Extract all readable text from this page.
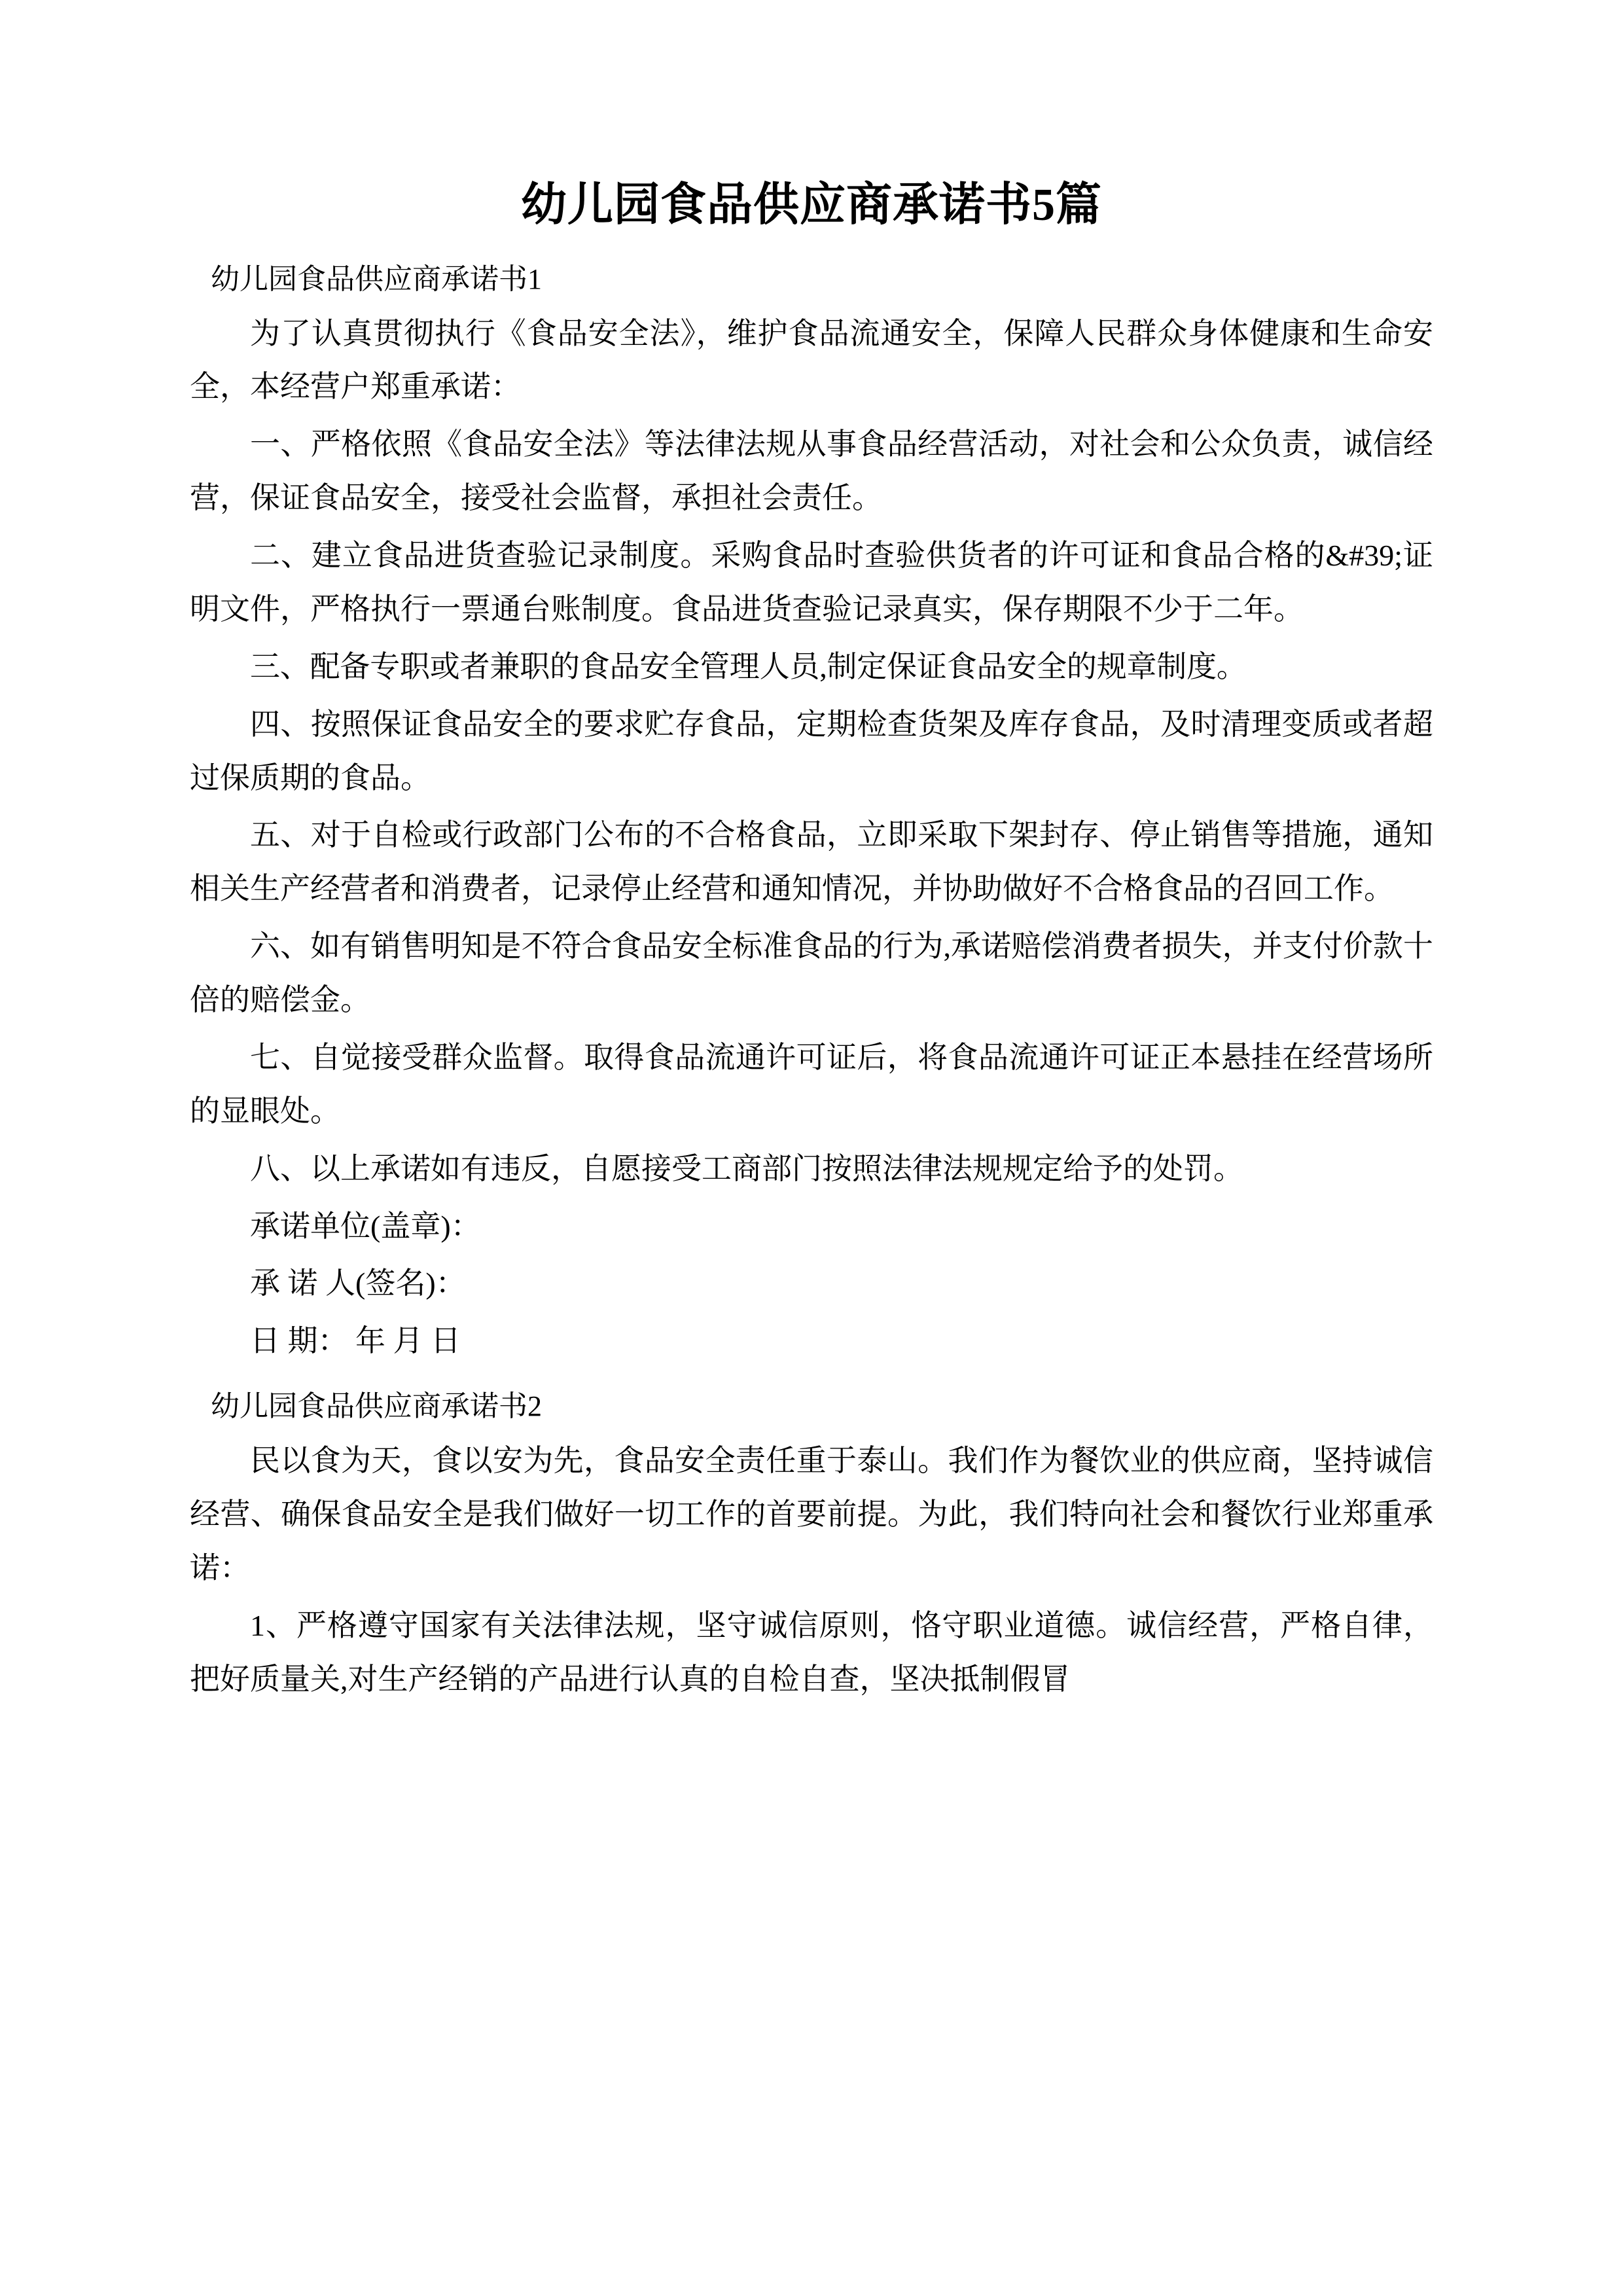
幼儿园食品供应商承诺书5篇
幼儿园食品供应商承诺书1

为了认真贯彻执行《食品安全法》，维护食品流通安全，保障人民群众身体健康和生命安全，本经营户郑重承诺：

一、严格依照《食品安全法》等法律法规从事食品经营活动，对社会和公众负责，诚信经营，保证食品安全，接受社会监督，承担社会责任。

二、建立食品进货查验记录制度。采购食品时查验供货者的许可证和食品合格的&#39;证明文件，严格执行一票通台账制度。食品进货查验记录真实，保存期限不少于二年。

三、配备专职或者兼职的食品安全管理人员,制定保证食品安全的规章制度。

四、按照保证食品安全的要求贮存食品，定期检查货架及库存食品，及时清理变质或者超过保质期的食品。

五、对于自检或行政部门公布的不合格食品，立即采取下架封存、停止销售等措施，通知相关生产经营者和消费者，记录停止经营和通知情况，并协助做好不合格食品的召回工作。

六、如有销售明知是不符合食品安全标准食品的行为,承诺赔偿消费者损失，并支付价款十倍的赔偿金。

七、自觉接受群众监督。取得食品流通许可证后，将食品流通许可证正本悬挂在经营场所的显眼处。

八、以上承诺如有违反，自愿接受工商部门按照法律法规规定给予的处罚。

承诺单位(盖章)：

承 诺 人(签名)：

日 期： 年 月 日

幼儿园食品供应商承诺书2

民以食为天，食以安为先，食品安全责任重于泰山。我们作为餐饮业的供应商，坚持诚信经营、确保食品安全是我们做好一切工作的首要前提。为此，我们特向社会和餐饮行业郑重承诺：

1、严格遵守国家有关法律法规，坚守诚信原则，恪守职业道德。诚信经营，严格自律，把好质量关,对生产经销的产品进行认真的自检自查，坚决抵制假冒
